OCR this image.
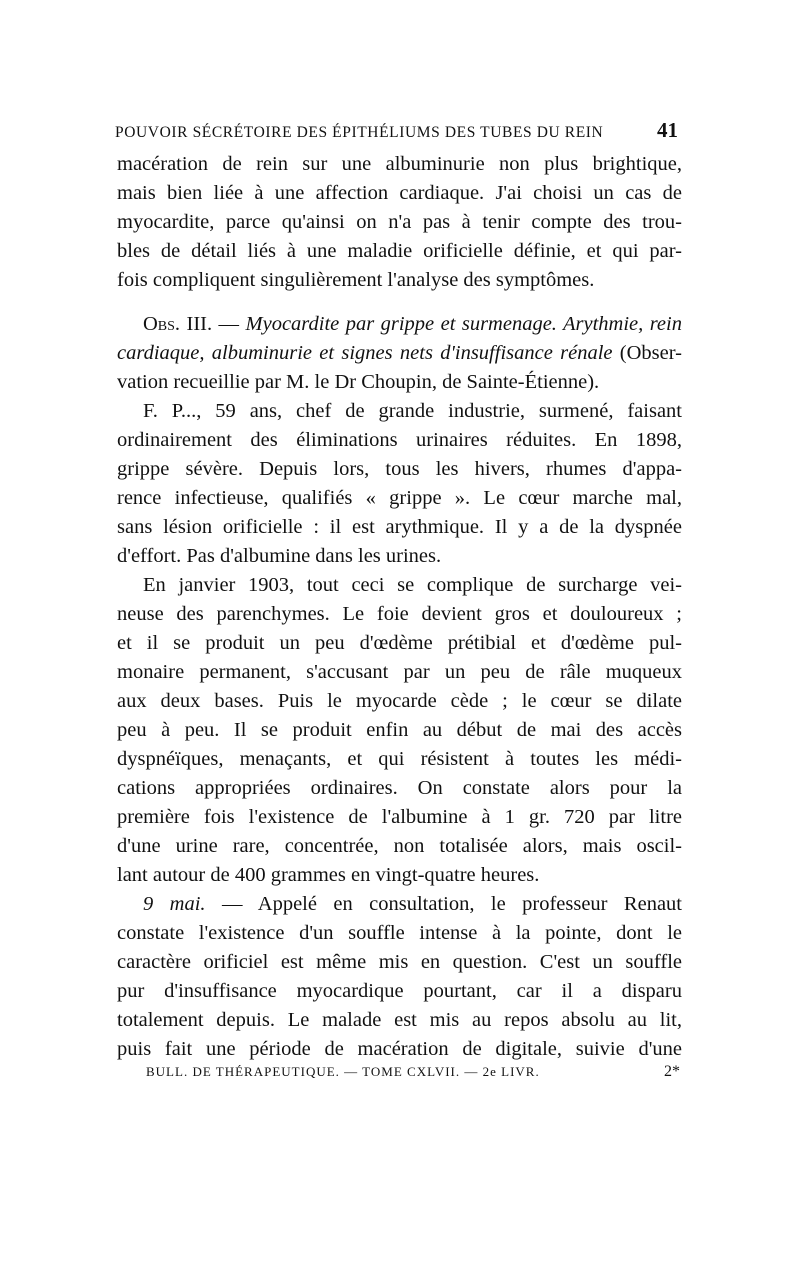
POUVOIR SÉCRÉTOIRE DES ÉPITHÉLIUMS DES TUBES DU REIN	41
macération de rein sur une albuminurie non plus brightique,
mais bien liée à une affection cardiaque. J'ai choisi un cas de
myocardite, parce qu'ainsi on n'a pas à tenir compte des trou-
bles de détail liés à une maladie orificielle définie, et qui par-
fois compliquent singulièrement l'analyse des symptômes.
Obs. III. — Myocardite par grippe et surmenage. Arythmie, rein
cardiaque, albuminurie et signes nets d'insuffisance rénale (Obser-
vation recueillie par M. le Dr Choupin, de Sainte-Étienne).
F. P..., 59 ans, chef de grande industrie, surmené, faisant
ordinairement des éliminations urinaires réduites. En 1898,
grippe sévère. Depuis lors, tous les hivers, rhumes d'appa-
rence infectieuse, qualifiés « grippe ». Le cœur marche mal,
sans lésion orificielle : il est arythmique. Il y a de la dyspnée
d'effort. Pas d'albumine dans les urines.
En janvier 1903, tout ceci se complique de surcharge vei-
neuse des parenchymes. Le foie devient gros et douloureux ;
et il se produit un peu d'œdème prétibial et d'œdème pul-
monaire permanent, s'accusant par un peu de râle muqueux
aux deux bases. Puis le myocarde cède ; le cœur se dilate
peu à peu. Il se produit enfin au début de mai des accès
dyspnéïques, menaçants, et qui résistent à toutes les médi-
cations appropriées ordinaires. On constate alors pour la
première fois l'existence de l'albumine à 1 gr. 720 par litre
d'une urine rare, concentrée, non totalisée alors, mais oscil-
lant autour de 400 grammes en vingt-quatre heures.
9 mai. — Appelé en consultation, le professeur Renaut
constate l'existence d'un souffle intense à la pointe, dont le
caractère orificiel est même mis en question. C'est un souffle
pur d'insuffisance myocardique pourtant, car il a disparu
totalement depuis. Le malade est mis au repos absolu au lit,
puis fait une période de macération de digitale, suivie d'une
BULL. DE THÉRAPEUTIQUE. — TOME CXLVII. — 2e LIVR.	2*
